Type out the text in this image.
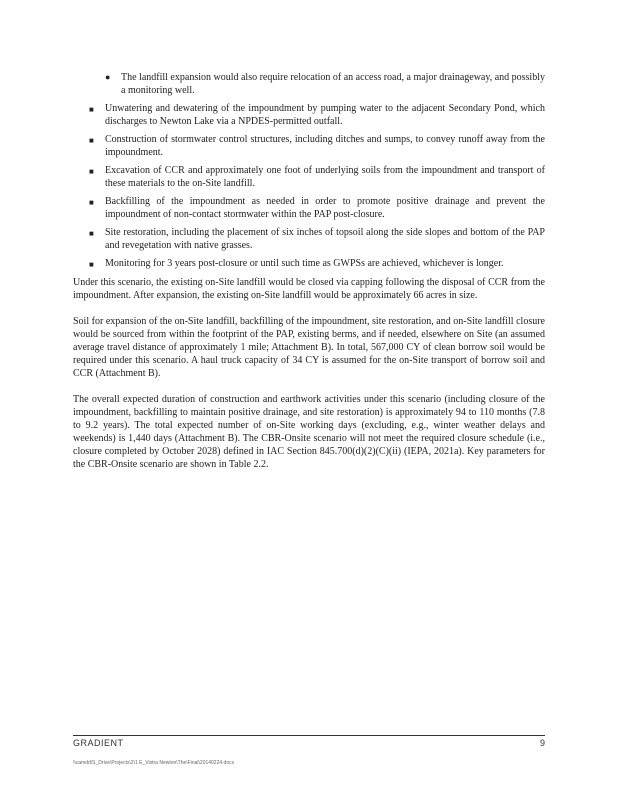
●	The landfill expansion would also require relocation of an access road, a major drainageway, and possibly a monitoring well.
■	Unwatering and dewatering of the impoundment by pumping water to the adjacent Secondary Pond, which discharges to Newton Lake via a NPDES-permitted outfall.
■	Construction of stormwater control structures, including ditches and sumps, to convey runoff away from the impoundment.
■	Excavation of CCR and approximately one foot of underlying soils from the impoundment and transport of these materials to the on-Site landfill.
■	Backfilling of the impoundment as needed in order to promote positive drainage and prevent the impoundment of non-contact stormwater within the PAP post-closure.
■	Site restoration, including the placement of six inches of topsoil along the side slopes and bottom of the PAP and revegetation with native grasses.
■	Monitoring for 3 years post-closure or until such time as GWPSs are achieved, whichever is longer.

Under this scenario, the existing on-Site landfill would be closed via capping following the disposal of CCR from the impoundment. After expansion, the existing on-Site landfill would be approximately 66 acres in size.

Soil for expansion of the on-Site landfill, backfilling of the impoundment, site restoration, and on-Site landfill closure would be sourced from within the footprint of the PAP, existing berms, and if needed, elsewhere on Site (an assumed average travel distance of approximately 1 mile; Attachment B). In total, 567,000 CY of clean borrow soil would be required under this scenario. A haul truck capacity of 34 CY is assumed for the on-Site transport of borrow soil and CCR (Attachment B).

The overall expected duration of construction and earthwork activities under this scenario (including closure of the impoundment, backfilling to maintain positive drainage, and site restoration) is approximately 94 to 110 months (7.8 to 9.2 years). The total expected number of on-Site working days (excluding, e.g., winter weather delays and weekends) is 1,440 days (Attachment B). The CBR-Onsite scenario will not meet the required closure schedule (i.e., closure completed by October 2028) defined in IAC Section 845.700(d)(2)(C)(ii) (IEPA, 2021a). Key parameters for the CBR-Onsite scenario are shown in Table 2.2.

GRADIENT	9
\\camdd\S_Drive\Projects\2\1 E_Vistra Newton\The\Final\20140224.docx
